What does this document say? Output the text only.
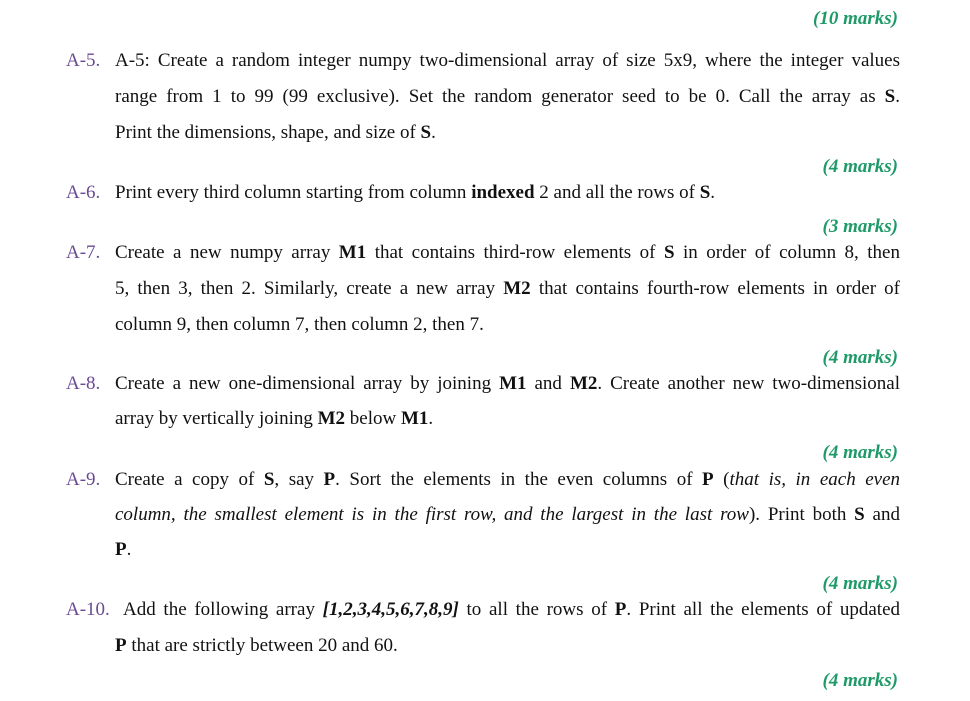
(10 marks)
A-5. A-5: Create a random integer numpy two-dimensional array of size 5x9, where the integer values
range from 1 to 99 (99 exclusive). Set the random generator seed to be 0. Call the array as S.
Print the dimensions, shape, and size of S.
(4 marks)
A-6. Print every third column starting from column indexed 2 and all the rows of S.
(3 marks)
A-7. Create a new numpy array M1 that contains third-row elements of S in order of column 8, then
5, then 3, then 2. Similarly, create a new array M2 that contains fourth-row elements in order of
column 9, then column 7, then column 2, then 7.
(4 marks)
A-8. Create a new one-dimensional array by joining M1 and M2. Create another new two-dimensional
array by vertically joining M2 below M1.
(4 marks)
A-9. Create a copy of S, say P. Sort the elements in the even columns of P (that is, in each even
column, the smallest element is in the first row, and the largest in the last row). Print both S and
P.
(4 marks)
A-10. Add the following array [1,2,3,4,5,6,7,8,9] to all the rows of P. Print all the elements of updated
P that are strictly between 20 and 60.
(4 marks)
